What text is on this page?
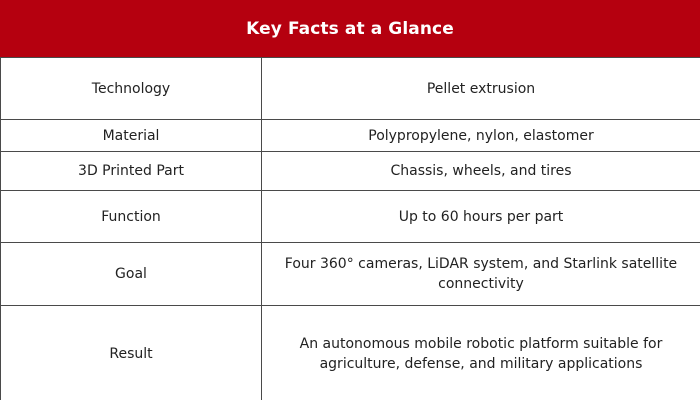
Key Facts at a Glance
Technology	Pellet extrusion
Material	Polypropylene, nylon, elastomer
3D Printed Part	Chassis, wheels, and tires
Function	Up to 60 hours per part
Goal	Four 360° cameras, LiDAR system, and Starlink satellite connectivity
Result	An autonomous mobile robotic platform suitable for agriculture, defense, and military applications
